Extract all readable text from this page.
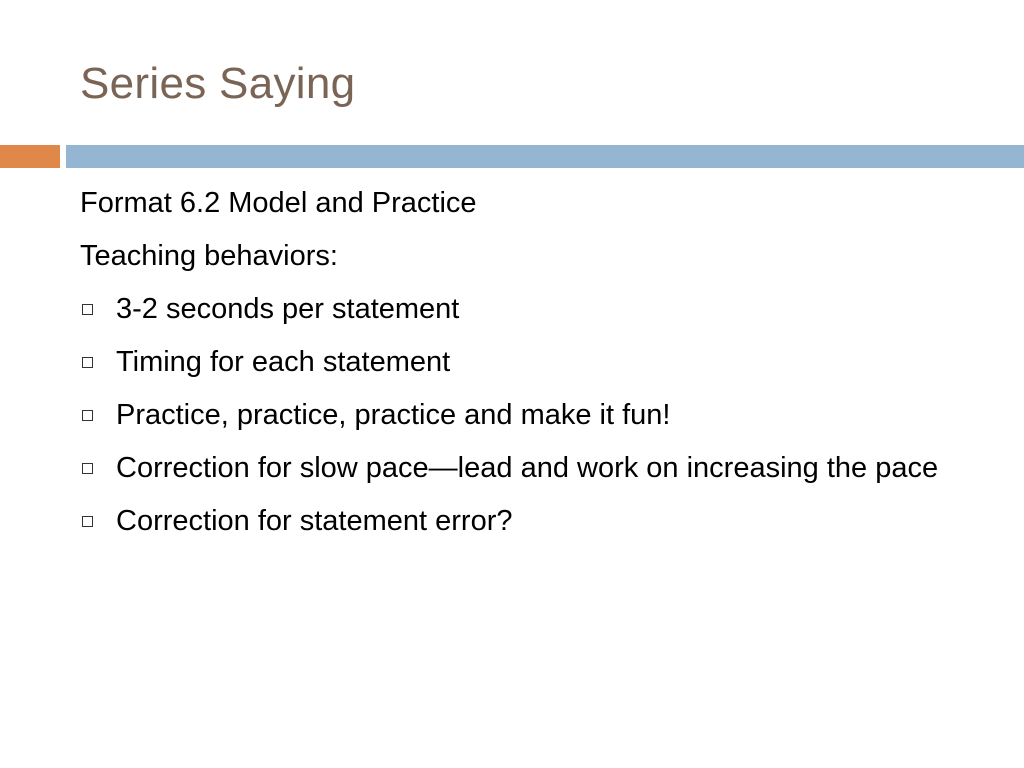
Series Saying
Format 6.2 Model and Practice
Teaching behaviors:
3-2 seconds per statement
Timing for each statement
Practice, practice, practice and make it fun!
Correction for slow pace—lead and work on increasing the pace
Correction for statement error?
